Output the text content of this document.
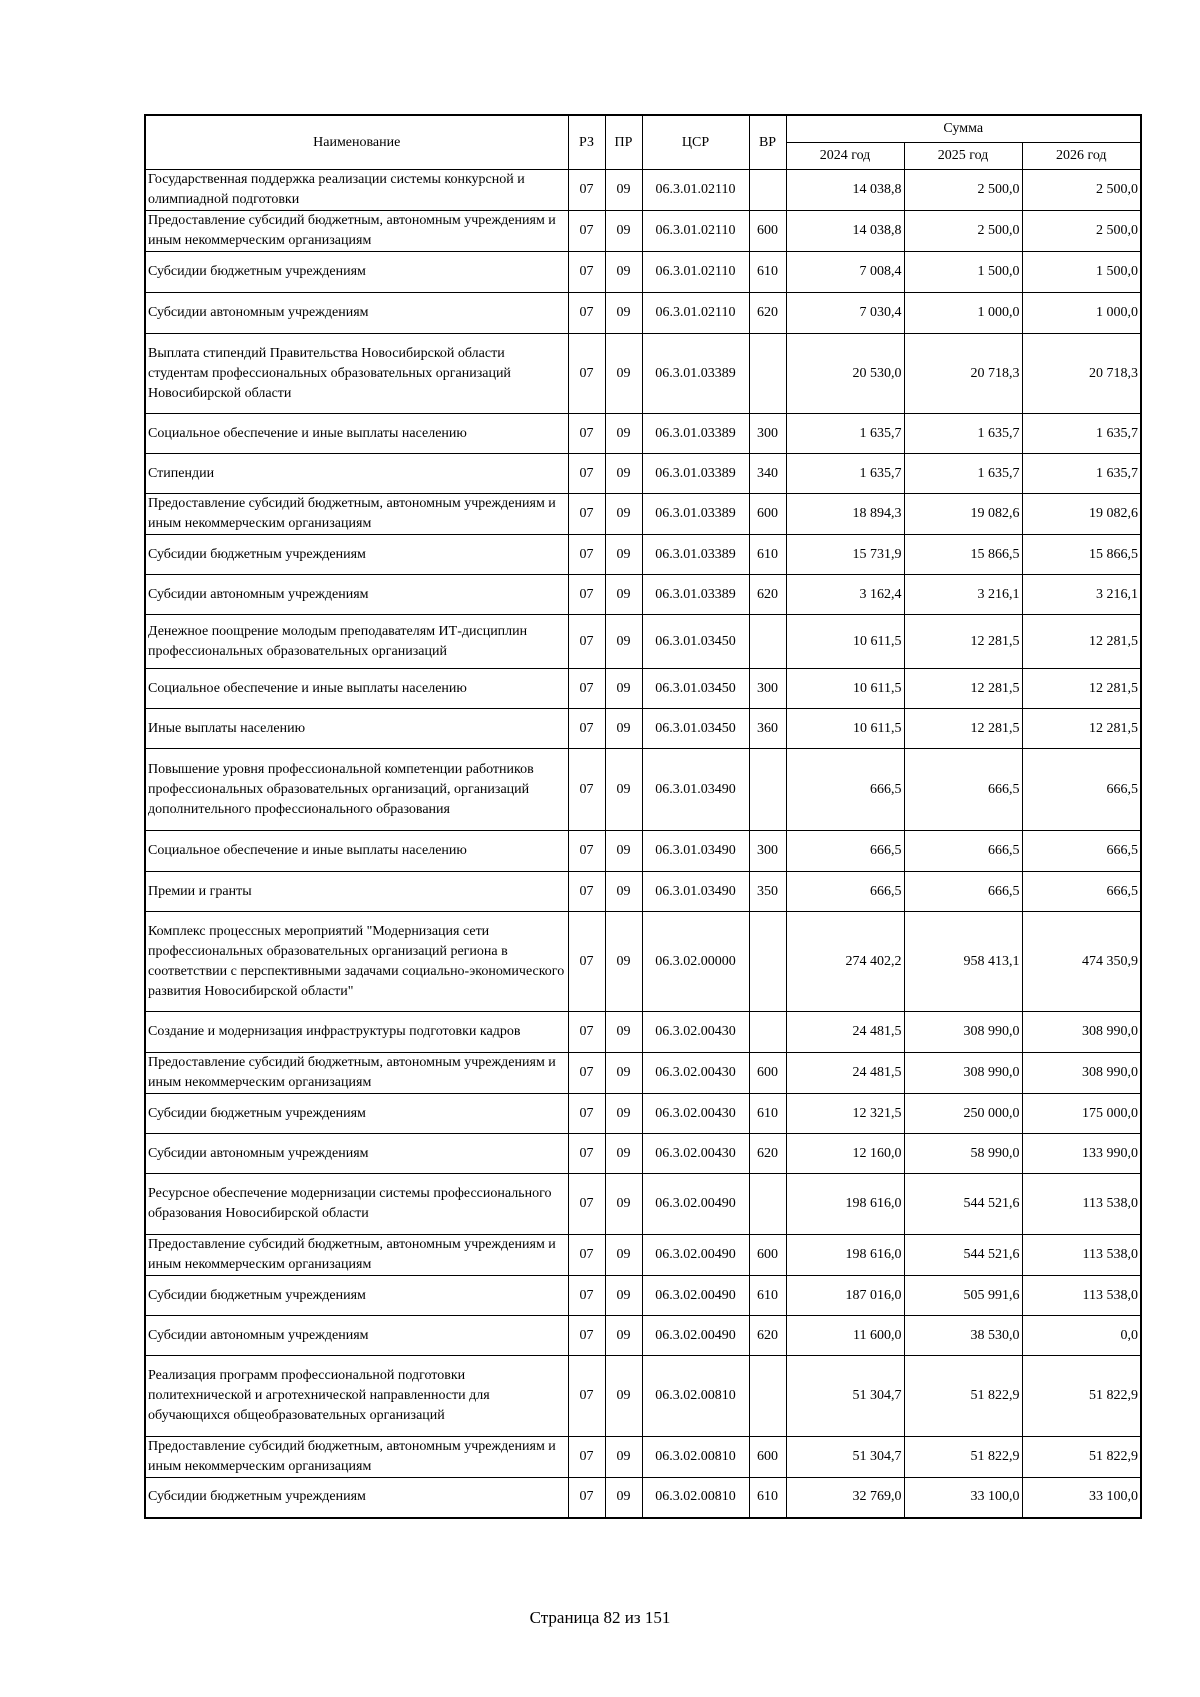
Наименование	РЗ	ПР	ЦСР	ВР	Сумма		
					2024 год	2025 год	2026 год
Государственная поддержка реализации системы конкурсной и олимпиадной подготовки	07	09	06.3.01.02110		14 038,8	2 500,0	2 500,0
Предоставление субсидий бюджетным, автономным учреждениям и иным некоммерческим организациям	07	09	06.3.01.02110	600	14 038,8	2 500,0	2 500,0
Субсидии бюджетным учреждениям	07	09	06.3.01.02110	610	7 008,4	1 500,0	1 500,0
Субсидии автономным учреждениям	07	09	06.3.01.02110	620	7 030,4	1 000,0	1 000,0
Выплата стипендий Правительства Новосибирской области студентам профессиональных образовательных организаций Новосибирской области	07	09	06.3.01.03389		20 530,0	20 718,3	20 718,3
Социальное обеспечение и иные выплаты населению	07	09	06.3.01.03389	300	1 635,7	1 635,7	1 635,7
Стипендии	07	09	06.3.01.03389	340	1 635,7	1 635,7	1 635,7
Предоставление субсидий бюджетным, автономным учреждениям и иным некоммерческим организациям	07	09	06.3.01.03389	600	18 894,3	19 082,6	19 082,6
Субсидии бюджетным учреждениям	07	09	06.3.01.03389	610	15 731,9	15 866,5	15 866,5
Субсидии автономным учреждениям	07	09	06.3.01.03389	620	3 162,4	3 216,1	3 216,1
Денежное поощрение молодым преподавателям ИТ-дисциплин профессиональных образовательных организаций	07	09	06.3.01.03450		10 611,5	12 281,5	12 281,5
Социальное обеспечение и иные выплаты населению	07	09	06.3.01.03450	300	10 611,5	12 281,5	12 281,5
Иные выплаты населению	07	09	06.3.01.03450	360	10 611,5	12 281,5	12 281,5
Повышение уровня профессиональной компетенции работников профессиональных образовательных организаций, организаций дополнительного профессионального образования	07	09	06.3.01.03490		666,5	666,5	666,5
Социальное обеспечение и иные выплаты населению	07	09	06.3.01.03490	300	666,5	666,5	666,5
Премии и гранты	07	09	06.3.01.03490	350	666,5	666,5	666,5
Комплекс процессных мероприятий "Модернизация сети профессиональных образовательных организаций региона в соответствии с перспективными задачами социально-экономического развития Новосибирской области"	07	09	06.3.02.00000		274 402,2	958 413,1	474 350,9
Создание и модернизация инфраструктуры подготовки кадров	07	09	06.3.02.00430		24 481,5	308 990,0	308 990,0
Предоставление субсидий бюджетным, автономным учреждениям и иным некоммерческим организациям	07	09	06.3.02.00430	600	24 481,5	308 990,0	308 990,0
Субсидии бюджетным учреждениям	07	09	06.3.02.00430	610	12 321,5	250 000,0	175 000,0
Субсидии автономным учреждениям	07	09	06.3.02.00430	620	12 160,0	58 990,0	133 990,0
Ресурсное обеспечение модернизации системы профессионального образования Новосибирской области	07	09	06.3.02.00490		198 616,0	544 521,6	113 538,0
Предоставление субсидий бюджетным, автономным учреждениям и иным некоммерческим организациям	07	09	06.3.02.00490	600	198 616,0	544 521,6	113 538,0
Субсидии бюджетным учреждениям	07	09	06.3.02.00490	610	187 016,0	505 991,6	113 538,0
Субсидии автономным учреждениям	07	09	06.3.02.00490	620	11 600,0	38 530,0	0,0
Реализация программ профессиональной подготовки политехнической и агротехнической направленности для обучающихся общеобразовательных организаций	07	09	06.3.02.00810		51 304,7	51 822,9	51 822,9
Предоставление субсидий бюджетным, автономным учреждениям и иным некоммерческим организациям	07	09	06.3.02.00810	600	51 304,7	51 822,9	51 822,9
Субсидии бюджетным учреждениям	07	09	06.3.02.00810	610	32 769,0	33 100,0	33 100,0
Страница 82 из 151
